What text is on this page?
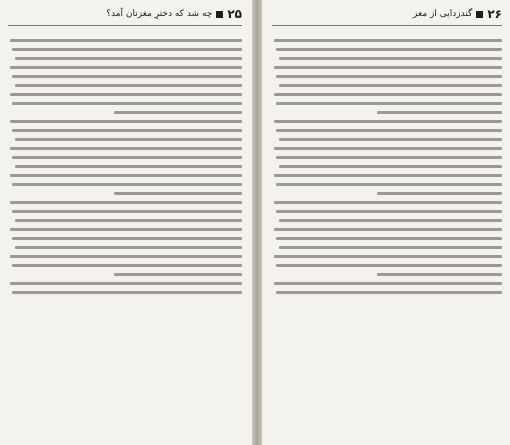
۲۵
چه شد که دخترِ مغزتان آمد؟	۲۶
گندزدایی از مغز
